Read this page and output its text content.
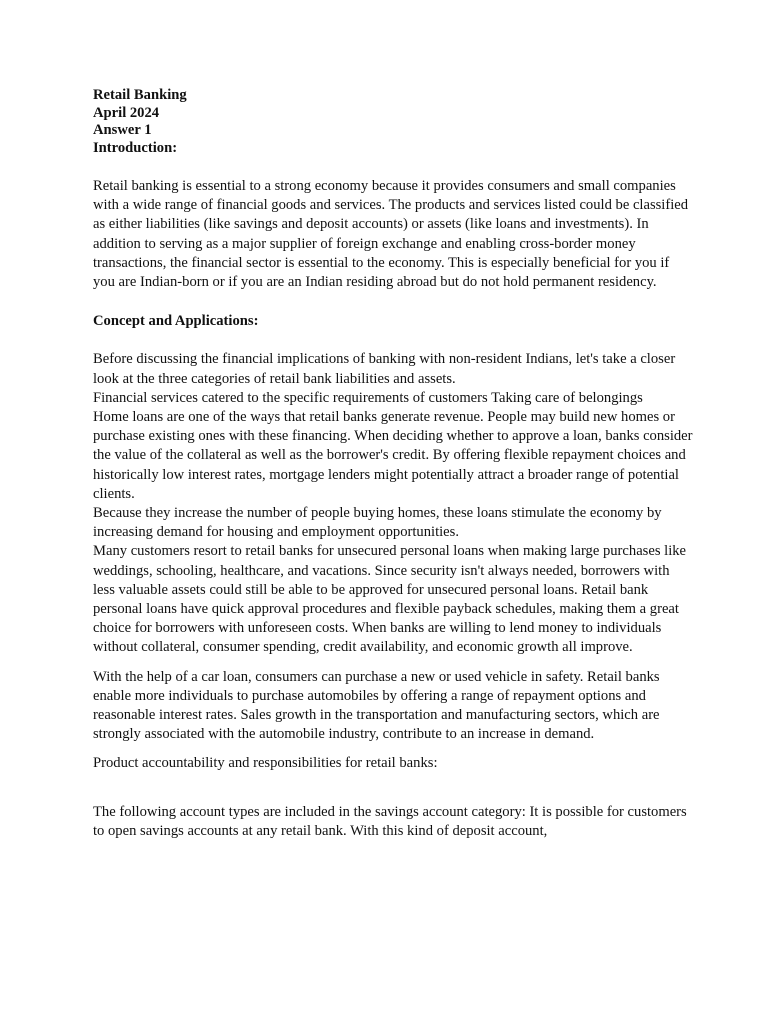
Retail Banking

April 2024

Answer 1

Introduction:

Retail banking is essential to a strong economy because it provides consumers and small companies with a wide range of financial goods and services. The products and services listed could be classified as either liabilities (like savings and deposit accounts) or assets (like loans and investments). In addition to serving as a major supplier of foreign exchange and enabling cross-border money transactions, the financial sector is essential to the economy. This is especially beneficial for you if you are Indian-born or if you are an Indian residing abroad but do not hold permanent residency.

Concept and Applications:

Before discussing the financial implications of banking with non-resident Indians, let's take a closer look at the three categories of retail bank liabilities and assets.

Financial services catered to the specific requirements of customers Taking care of belongings

Home loans are one of the ways that retail banks generate revenue. People may build new homes or purchase existing ones with these financing. When deciding whether to approve a loan, banks consider the value of the collateral as well as the borrower's credit. By offering flexible repayment choices and historically low interest rates, mortgage lenders might potentially attract a broader range of potential clients.

Because they increase the number of people buying homes, these loans stimulate the economy by increasing demand for housing and employment opportunities.

Many customers resort to retail banks for unsecured personal loans when making large purchases like weddings, schooling, healthcare, and vacations. Since security isn't always needed, borrowers with less valuable assets could still be able to be approved for unsecured personal loans. Retail bank personal loans have quick approval procedures and flexible payback schedules, making them a great choice for borrowers with unforeseen costs. When banks are willing to lend money to individuals without collateral, consumer spending, credit availability, and economic growth all improve.

With the help of a car loan, consumers can purchase a new or used vehicle in safety. Retail banks enable more individuals to purchase automobiles by offering a range of repayment options and reasonable interest rates. Sales growth in the transportation and manufacturing sectors, which are strongly associated with the automobile industry, contribute to an increase in demand.

Product accountability and responsibilities for retail banks:

The following account types are included in the savings account category: It is possible for customers to open savings accounts at any retail bank. With this kind of deposit account,
